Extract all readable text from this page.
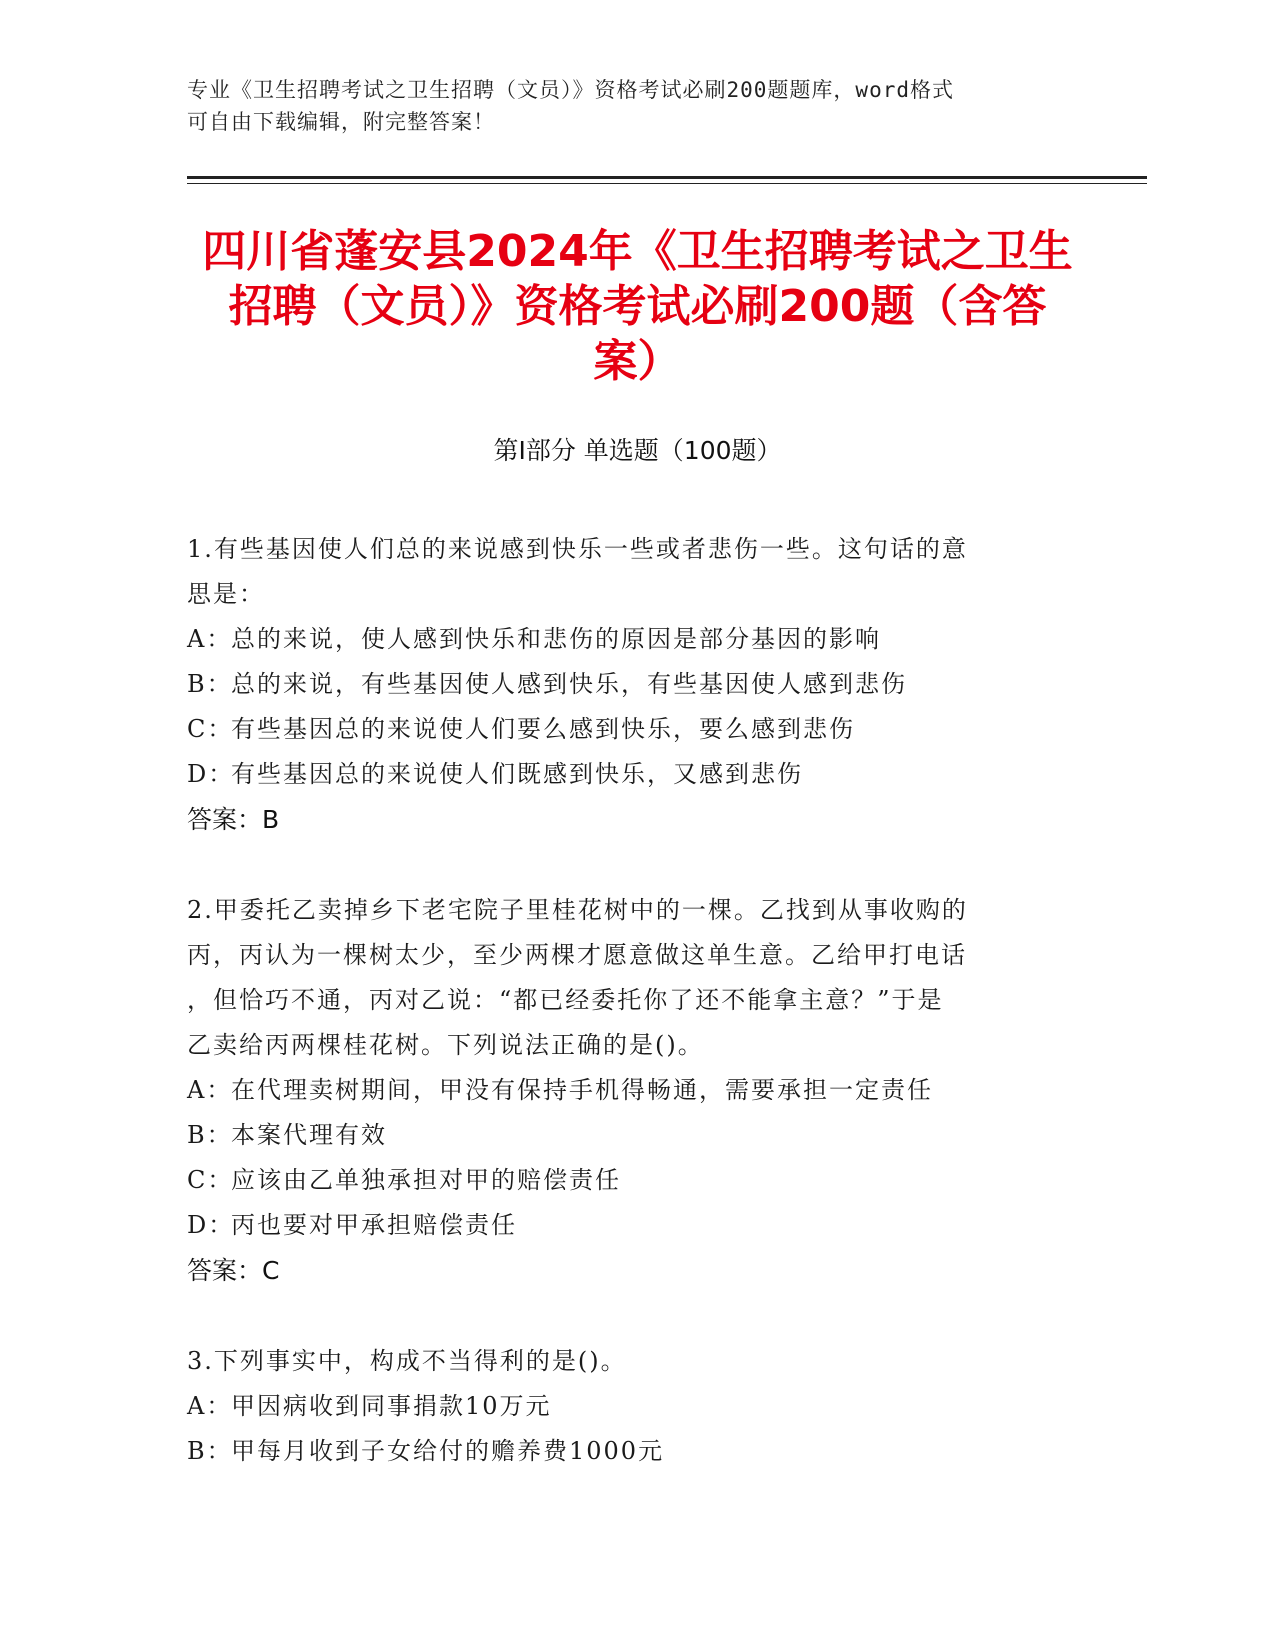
专业《卫生招聘考试之卫生招聘（文员）》资格考试必刷200题题库，word格式
可自由下载编辑，附完整答案！
四川省蓬安县2024年《卫生招聘考试之卫生
招聘（文员）》资格考试必刷200题（含答
案）
第Ⅰ部分 单选题（100题）
1.有些基因使人们总的来说感到快乐一些或者悲伤一些。这句话的意
思是：
A：总的来说，使人感到快乐和悲伤的原因是部分基因的影响
B：总的来说，有些基因使人感到快乐，有些基因使人感到悲伤
C：有些基因总的来说使人们要么感到快乐，要么感到悲伤
D：有些基因总的来说使人们既感到快乐，又感到悲伤
答案：B
2.甲委托乙卖掉乡下老宅院子里桂花树中的一棵。乙找到从事收购的
丙，丙认为一棵树太少，至少两棵才愿意做这单生意。乙给甲打电话
，但恰巧不通，丙对乙说：“都已经委托你了还不能拿主意？”于是
乙卖给丙两棵桂花树。下列说法正确的是()。
A：在代理卖树期间，甲没有保持手机得畅通，需要承担一定责任
B：本案代理有效
C：应该由乙单独承担对甲的赔偿责任
D：丙也要对甲承担赔偿责任
答案：C
3.下列事实中，构成不当得利的是()。
A：甲因病收到同事捐款10万元
B：甲每月收到子女给付的赡养费1000元
